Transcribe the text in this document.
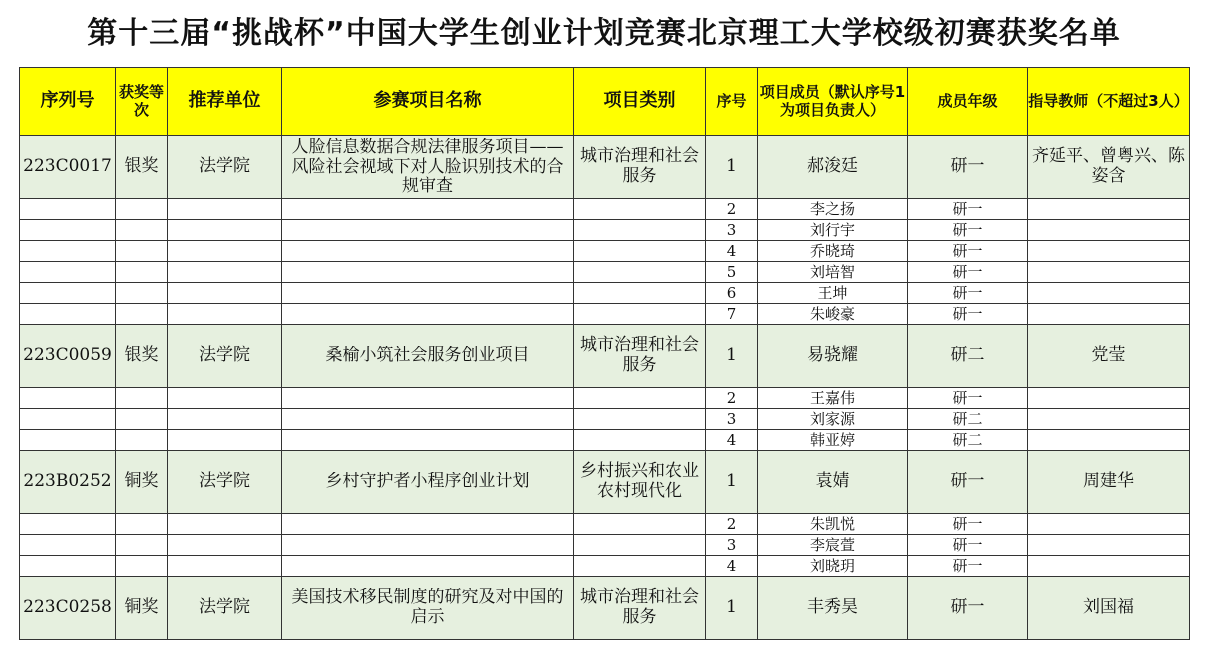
第十三届“挑战杯”中国大学生创业计划竞赛北京理工大学校级初赛获奖名单
序列号	获奖等次	推荐单位	参赛项目名称	项目类别	序号	项目成员（默认序号1为项目负责人）	成员年级	指导教师（不超过3人）
223C0017	银奖	法学院	人脸信息数据合规法律服务项目——风险社会视域下对人脸识别技术的合规审查	城市治理和社会服务	1	郝浚廷	研一	齐延平、曾粤兴、陈姿含
					2	李之扬	研一	
					3	刘行宇	研一	
					4	乔晓琦	研一	
					5	刘培智	研一	
					6	王坤	研一	
					7	朱峻豪	研一	
223C0059	银奖	法学院	桑榆小筑社会服务创业项目	城市治理和社会服务	1	易骁耀	研二	党莹
					2	王嘉伟	研一	
					3	刘家源	研二	
					4	韩亚婷	研二	
223B0252	铜奖	法学院	乡村守护者小程序创业计划	乡村振兴和农业农村现代化	1	袁婧	研一	周建华
					2	朱凯悦	研一	
					3	李宸萱	研一	
					4	刘晓玥	研一	
223C0258	铜奖	法学院	美国技术移民制度的研究及对中国的启示	城市治理和社会服务	1	丰秀昊	研一	刘国福
